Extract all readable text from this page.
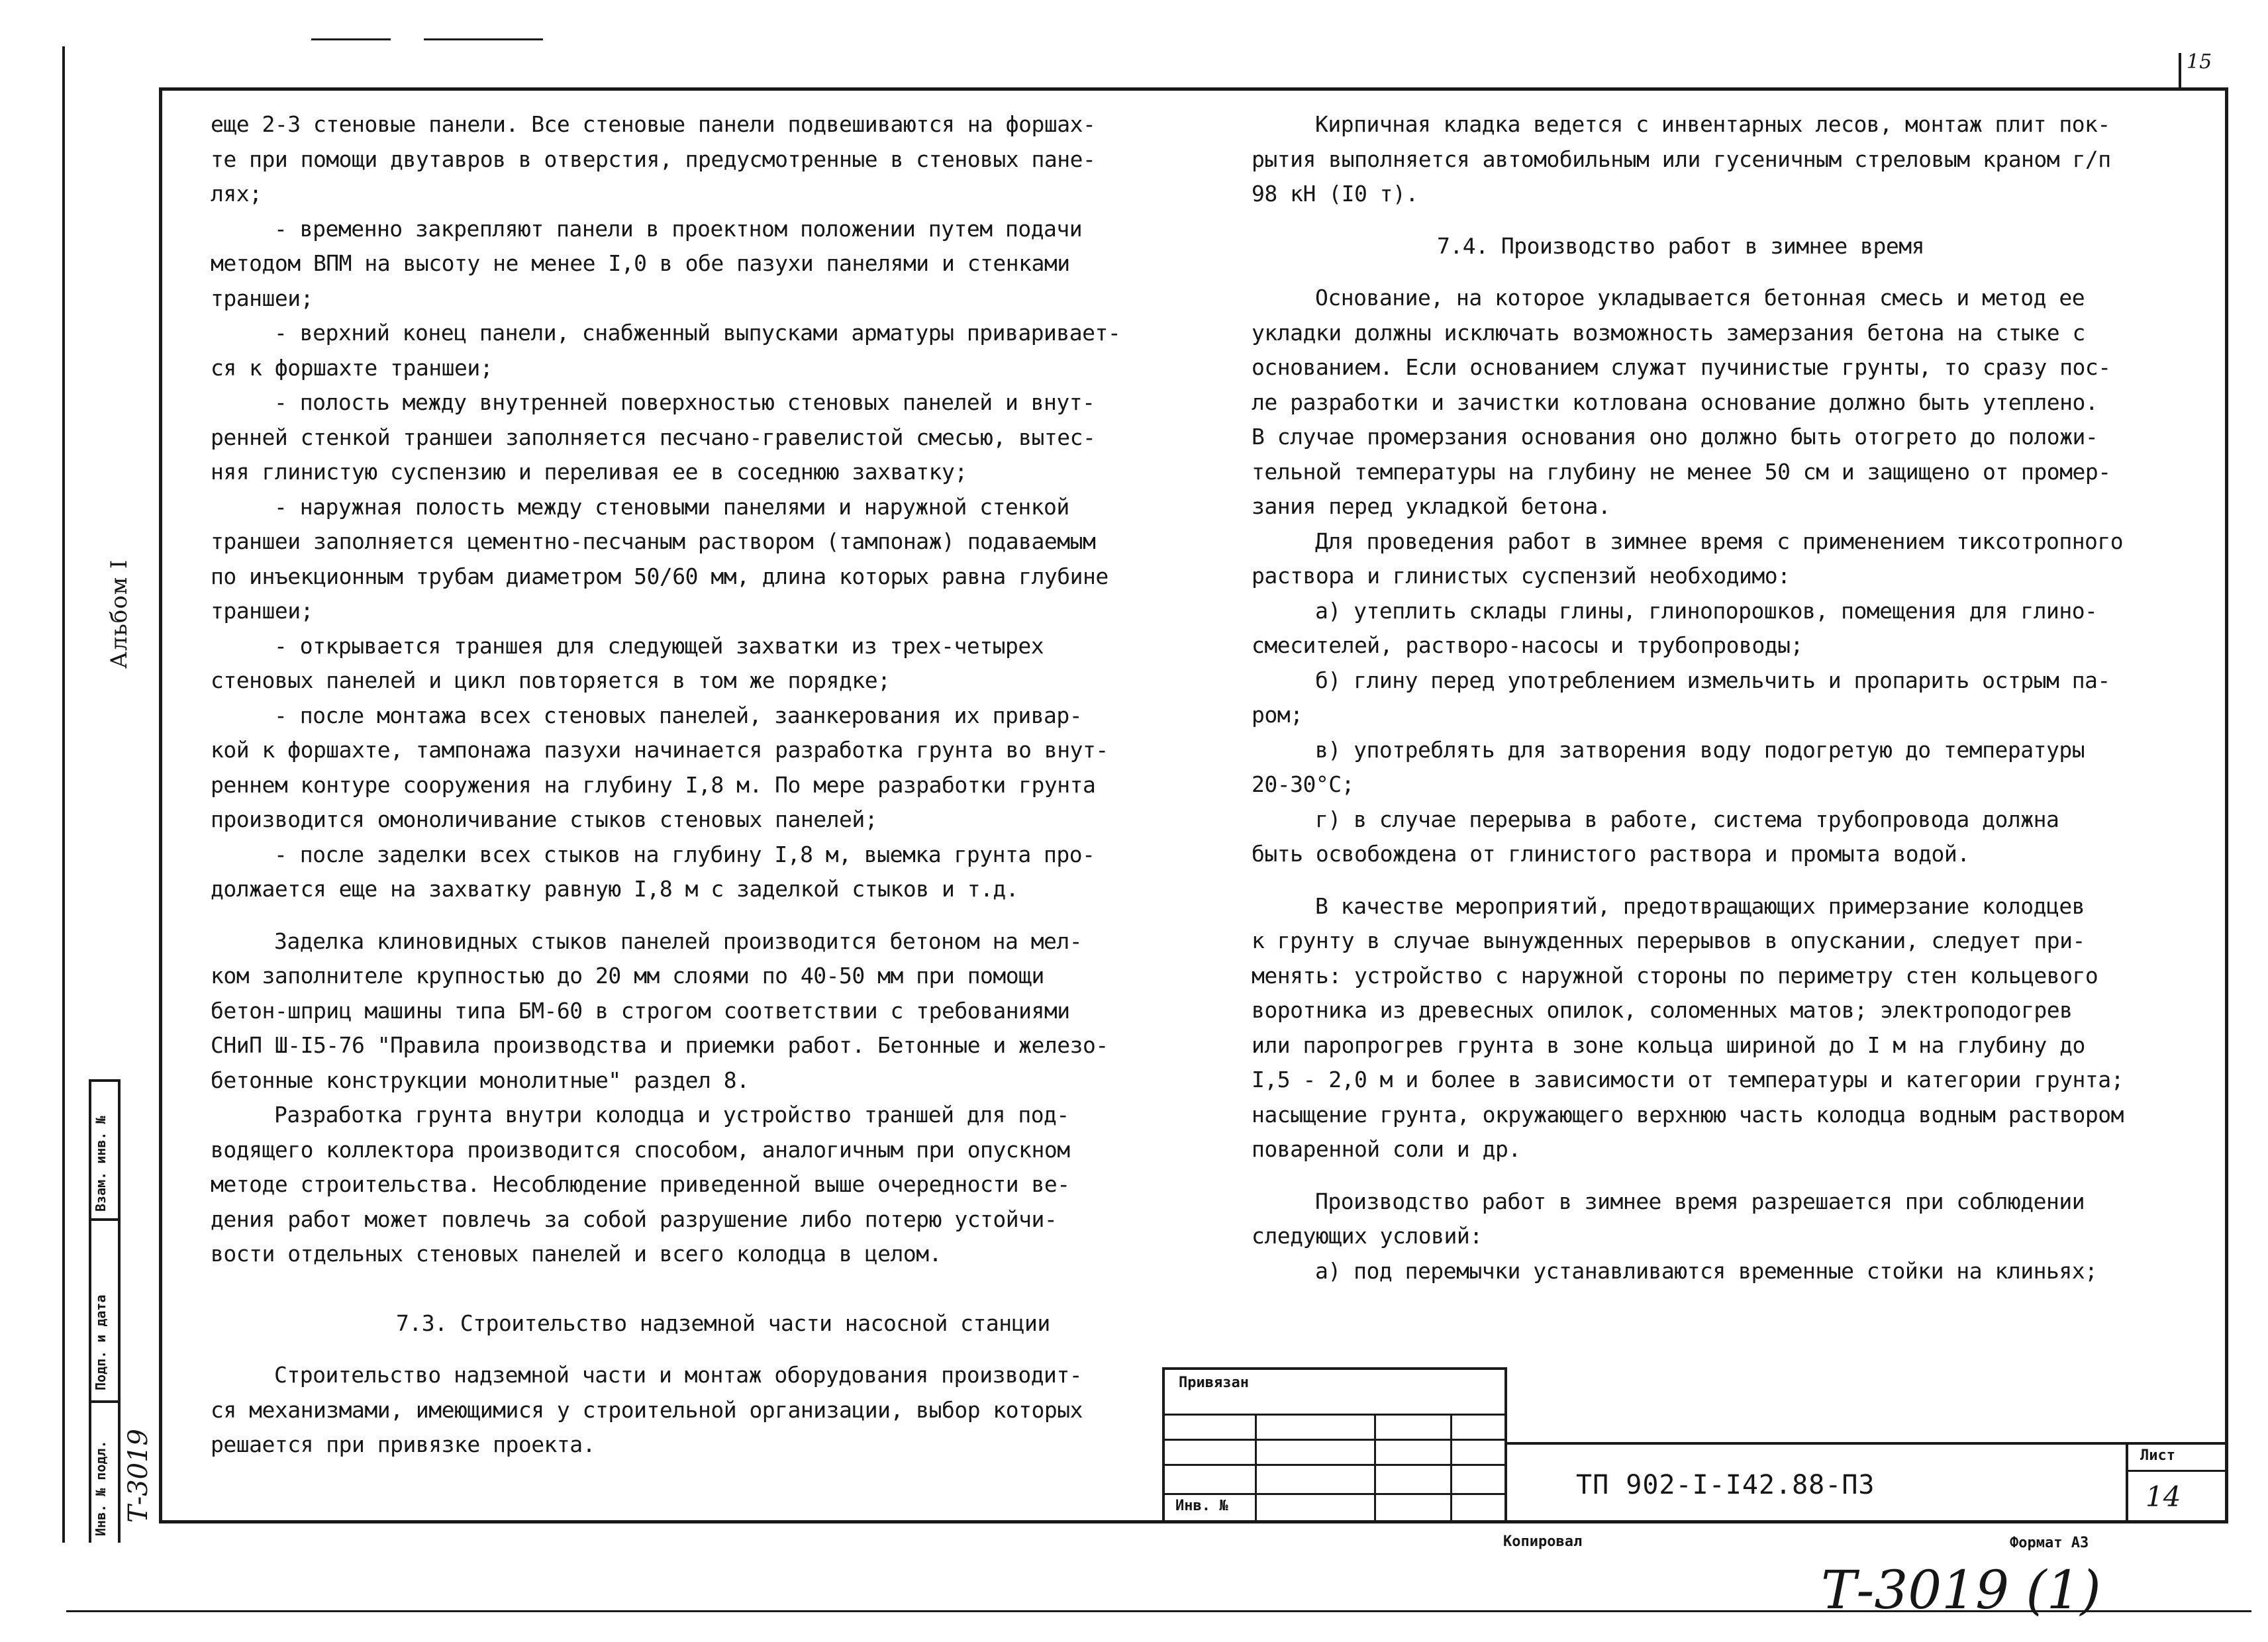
15
Альбом I
Взам. инв. №
Подп. и дата
Инв. № подл. Т-3019

еще 2-3 стеновые панели. Все стеновые панели подвешиваются на форшах-

те при помощи двутавров в отверстия, предусмотренные в стеновых пане-

лях;

- временно закрепляют панели в проектном положении путем подачи

методом ВПМ на высоту не менее I,0 в обе пазухи панелями и стенками

траншеи;

- верхний конец панели, снабженный выпусками арматуры приваривает-

ся к форшахте траншеи;

- полость между внутренней поверхностью стеновых панелей и внут-

ренней стенкой траншеи заполняется песчано-гравелистой смесью, вытес-

няя глинистую суспензию и переливая ее в соседнюю захватку;

- наружная полость между стеновыми панелями и наружной стенкой

траншеи заполняется цементно-песчаным раствором (тампонаж) подаваемым

по инъекционным трубам диаметром 50/60 мм, длина которых равна глубине

траншеи;

- открывается траншея для следующей захватки из трех-четырех

стеновых панелей и цикл повторяется в том же порядке;

- после монтажа всех стеновых панелей, заанкерования их привар-

кой к форшахте, тампонажа пазухи начинается разработка грунта во внут-

реннем контуре сооружения на глубину I,8 м. По мере разработки грунта

производится омоноличивание стыков стеновых панелей;

- после заделки всех стыков на глубину I,8 м, выемка грунта про-

должается еще на захватку равную I,8 м с заделкой стыков и т.д.

Заделка клиновидных стыков панелей производится бетоном на мел-

ком заполнителе крупностью до 20 мм слоями по 40-50 мм при помощи

бетон-шприц машины типа БМ-60 в строгом соответствии с требованиями

СНиП Ш-I5-76 "Правила производства и приемки работ. Бетонные и железо-

бетонные конструкции монолитные" раздел 8.

Разработка грунта внутри колодца и устройство траншей для под-

водящего коллектора производится способом, аналогичным при опускном

методе строительства. Несоблюдение приведенной выше очередности ве-

дения работ может повлечь за собой разрушение либо потерю устойчи-

вости отдельных стеновых панелей и всего колодца в целом.

7.3. Строительство надземной части насосной станции

Строительство надземной части и монтаж оборудования производит-

ся механизмами, имеющимися у строительной организации, выбор которых

решается при привязке проекта.

Кирпичная кладка ведется с инвентарных лесов, монтаж плит пок-

рытия выполняется автомобильным или гусеничным стреловым краном г/п

98 кН (I0 т).

7.4. Производство работ в зимнее время

Основание, на которое укладывается бетонная смесь и метод ее

укладки должны исключать возможность замерзания бетона на стыке с

основанием. Если основанием служат пучинистые грунты, то сразу пос-

ле разработки и зачистки котлована основание должно быть утеплено.

В случае промерзания основания оно должно быть отогрето до положи-

тельной температуры на глубину не менее 50 см и защищено от промер-

зания перед укладкой бетона.

Для проведения работ в зимнее время с применением тиксотропного

раствора и глинистых суспензий необходимо:

а) утеплить склады глины, глинопорошков, помещения для глино-

смесителей, растворо-насосы и трубопроводы;

б) глину перед употреблением измельчить и пропарить острым па-

ром;

в) употреблять для затворения воду подогретую до температуры

20-30°C;

г) в случае перерыва в работе, система трубопровода должна

быть освобождена от глинистого раствора и промыта водой.

В качестве мероприятий, предотвращающих примерзание колодцев

к грунту в случае вынужденных перерывов в опускании, следует при-

менять: устройство с наружной стороны по периметру стен кольцевого

воротника из древесных опилок, соломенных матов; электроподогрев

или паропрогрев грунта в зоне кольца шириной до I м на глубину до

I,5 - 2,0 м и более в зависимости от температуры и категории грунта;

насыщение грунта, окружающего верхнюю часть колодца водным раствором

поваренной соли и др.

Производство работ в зимнее время разрешается при соблюдении

следующих условий:

а) под перемычки устанавливаются временные стойки на клиньях;

Привязан
Инв. №
ТП 902-I-I42.88-ПЗ
Лист
14
Копировал	Формат А3
Т-3019 (1)
